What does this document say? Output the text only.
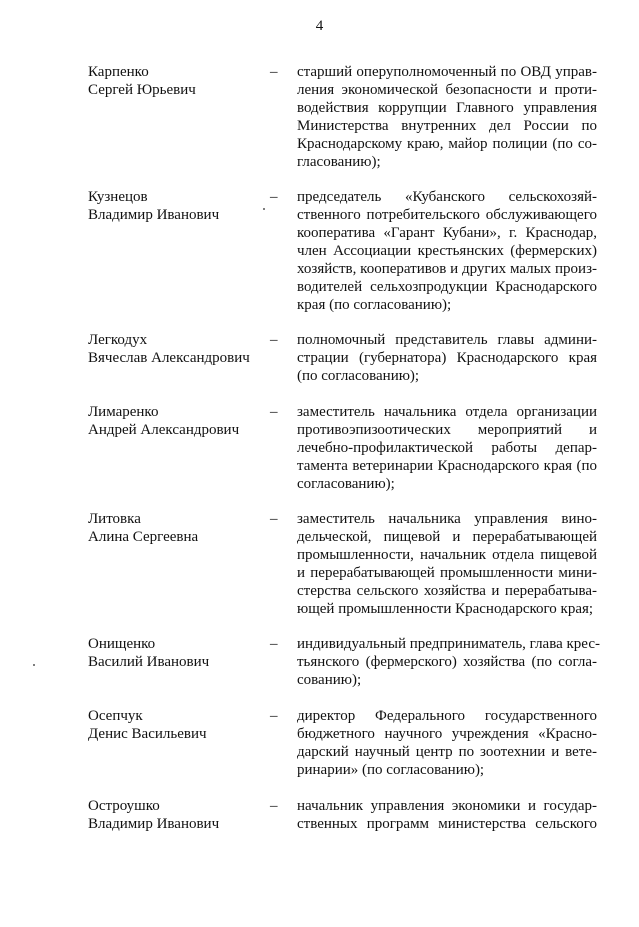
4
Карпенко
Сергей Юрьевич
– старший оперуполномоченный по ОВД управ-
ления экономической безопасности и проти-
водействия коррупции Главного управления
Министерства внутренних дел России по
Краснодарскому краю, майор полиции (по со-
гласованию);
Кузнецов
Владимир Иванович
– председатель «Кубанского сельскохозяй-
ственного потребительского обслуживающего
кооператива «Гарант Кубани», г. Краснодар,
член Ассоциации крестьянских (фермерских)
хозяйств, кооперативов и других малых произ-
водителей сельхозпродукции Краснодарского
края (по согласованию);
Легкодух
Вячеслав Александрович
– полномочный представитель главы админи-
страции (губернатора) Краснодарского края
(по согласованию);
Лимаренко
Андрей Александрович
– заместитель начальника отдела организации
противоэпизоотических мероприятий и
лечебно-профилактической работы депар-
тамента ветеринарии Краснодарского края (по
согласованию);
Литовка
Алина Сергеевна
– заместитель начальника управления вино-
дельческой, пищевой и перерабатывающей
промышленности, начальник отдела пищевой
и перерабатывающей промышленности мини-
стерства сельского хозяйства и перерабатыва-
ющей промышленности Краснодарского края;
Онищенко
Василий Иванович
– индивидуальный предприниматель, глава крес-
тьянского (фермерского) хозяйства (по согла-
сованию);
Осепчук
Денис Васильевич
– директор Федерального государственного
бюджетного научного учреждения «Красно-
дарский научный центр по зоотехнии и вете-
ринарии» (по согласованию);
Остроушко
Владимир Иванович
– начальник управления экономики и государ-
ственных программ министерства сельского
